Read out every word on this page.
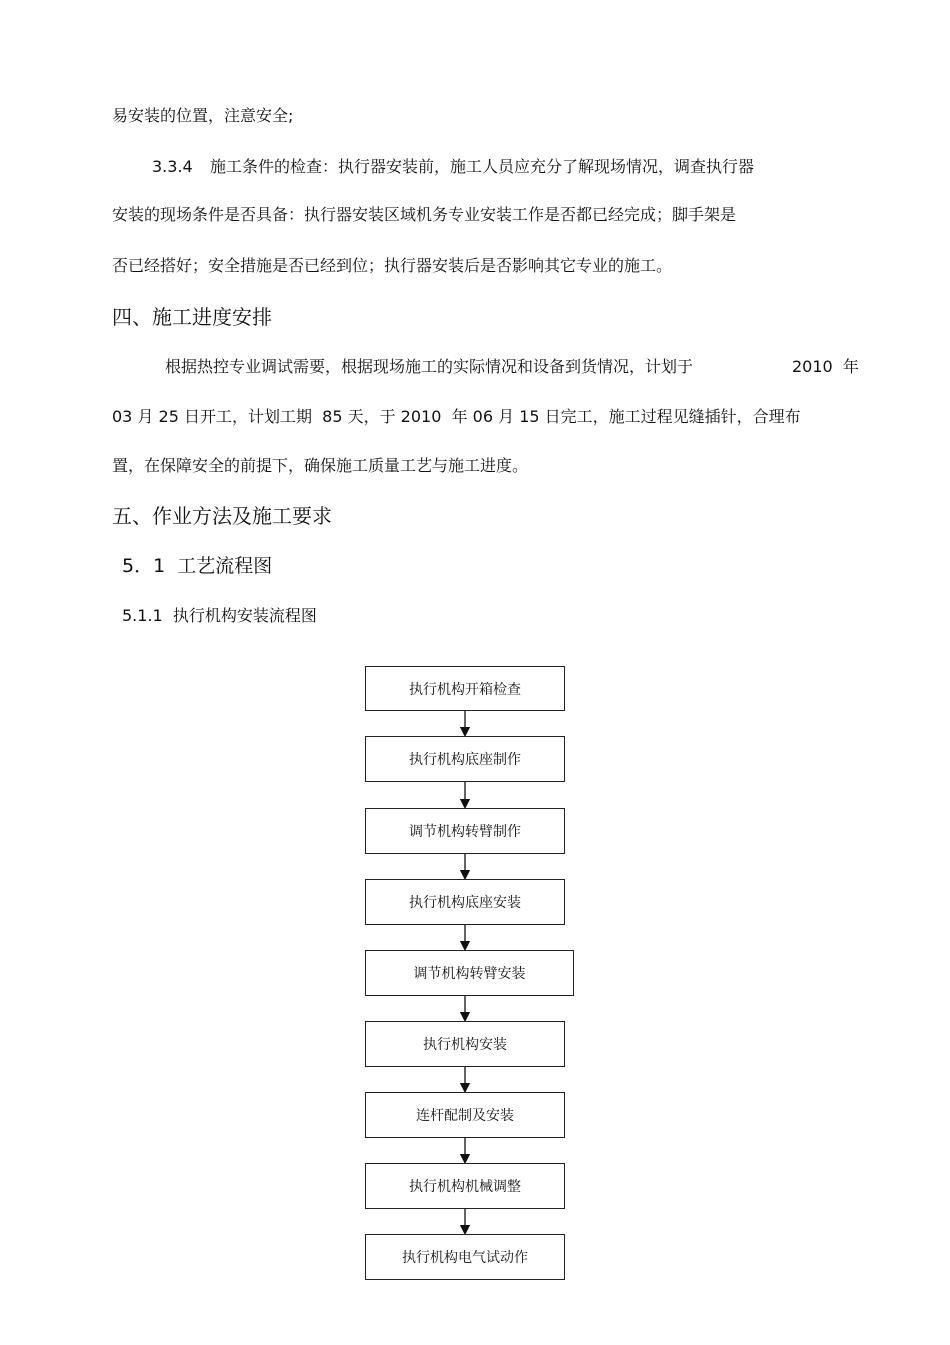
易安装的位置，注意安全;
3.3.4 施工条件的检查：执行器安装前，施工人员应充分了解现场情况，调查执行器
安装的现场条件是否具备：执行器安装区域机务专业安装工作是否都已经完成；脚手架是
否已经搭好；安全措施是否已经到位；执行器安装后是否影响其它专业的施工。
四、施工进度安排
根据热控专业调试需要，根据现场施工的实际情况和设备到货情况，计划于	2010  年
03 月 25 日开工，计划工期  85 天，于 2010  年 06 月 15 日完工，施工过程见缝插针，合理布
置，在保障安全的前提下，确保施工质量工艺与施工进度。
五、作业方法及施工要求
5．1  工艺流程图
5.1.1  执行机构安装流程图
执行机构开箱检查
执行机构底座制作
调节机构转臂制作
执行机构底座安装
调节机构转臂安装
执行机构安装
连杆配制及安装
执行机构机械调整
执行机构电气试动作
